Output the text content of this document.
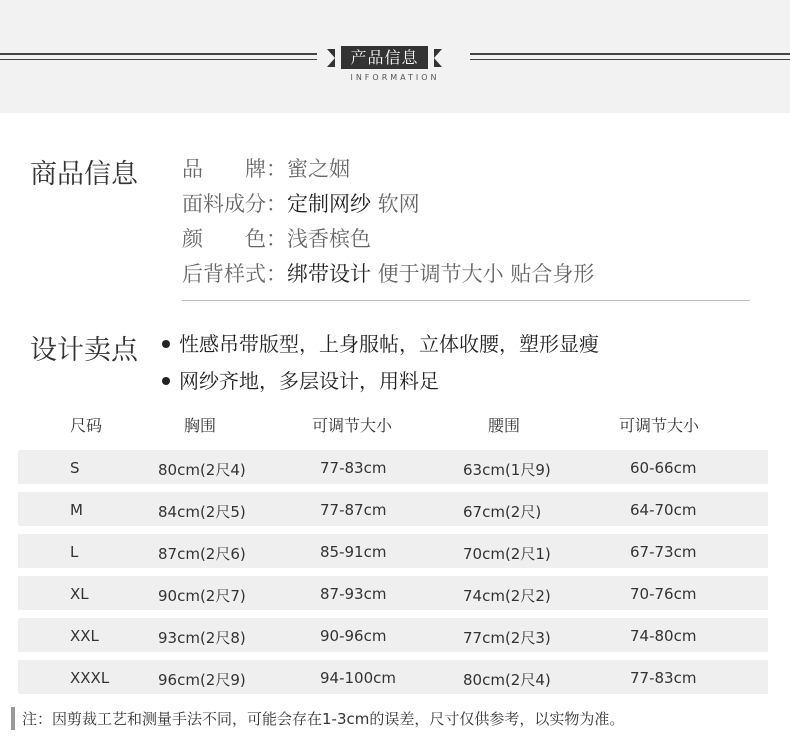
产品信息
INFORMATION
商品信息 品　　牌：蜜之姻
面料成分：定制网纱 软网
颜　　色：浅香槟色
后背样式：绑带设计 便于调节大小 贴合身形
设计卖点	性感吊带版型，上身服帖，立体收腰，塑形显瘦
网纱齐地，多层设计，用料足
尺码	胸围	可调节大小	腰围	可调节大小
S	80cm(2尺4)	77-83cm	63cm(1尺9)	60-66cm
M	84cm(2尺5)	77-87cm	67cm(2尺)	64-70cm
L	87cm(2尺6)	85-91cm	70cm(2尺1)	67-73cm
XL	90cm(2尺7)	87-93cm	74cm(2尺2)	70-76cm
XXL	93cm(2尺8)	90-96cm	77cm(2尺3)	74-80cm
XXXL	96cm(2尺9)	94-100cm	80cm(2尺4)	77-83cm
注：因剪裁工艺和测量手法不同，可能会存在1-3cm的误差，尺寸仅供参考，以实物为准。
